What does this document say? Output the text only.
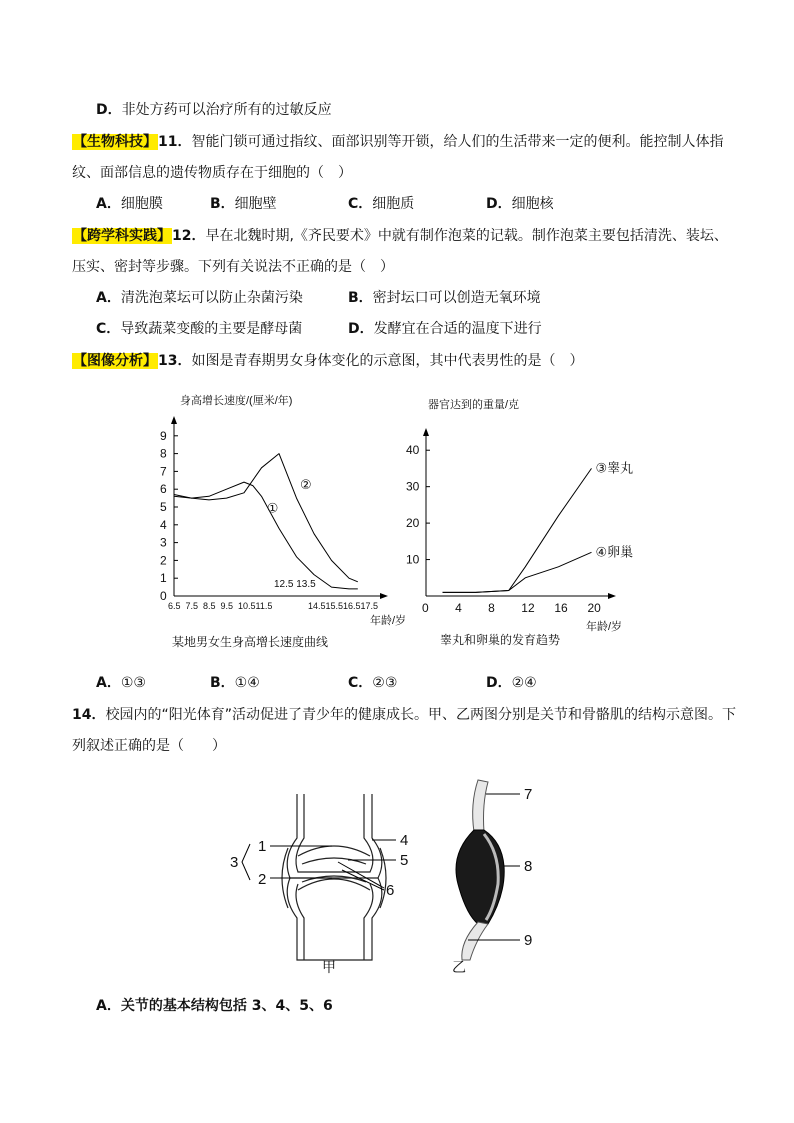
D．非处方药可以治疗所有的过敏反应
【生物科技】11．智能门锁可通过指纹、面部识别等开锁，给人们的生活带来一定的便利。能控制人体指
纹、面部信息的遗传物质存在于细胞的（　）
A．细胞膜	B．细胞壁	C．细胞质	D．细胞核
【跨学科实践】12．早在北魏时期,《齐民要术》中就有制作泡菜的记载。制作泡菜主要包括清洗、装坛、
压实、密封等步骤。下列有关说法不正确的是（　）
A．清洗泡菜坛可以防止杂菌污染	B．密封坛口可以创造无氧环境
C．导致蔬菜变酸的主要是酵母菌	D．发酵宜在合适的温度下进行
【图像分析】13．如图是青春期男女身体变化的示意图，其中代表男性的是（　）
身高增长速度/(厘米/年)
0
1
2
3
4
5
6
7
8
9
6.5 7.5 8.5 9.5 10.5 11.5	14.5 15.5 16.5 17.5
①
②
12.5 13.5
年龄/岁
某地男女生身高增长速度曲线
器官达到的重量/克
10
20
30
40
0 4 8 12 16 20
③睾丸
④卵巢
年龄/岁
睾丸和卵巢的发育趋势
A．①③	B．①④	C．②③	D．②④
14．校园内的“阳光体育”活动促进了青少年的健康成长。甲、乙两图分别是关节和骨骼肌的结构示意图。下
列叙述正确的是（　　）
1
2
3
4
5
6
甲
7
8
9
乙
A．关节的基本结构包括 3、4、5、6
